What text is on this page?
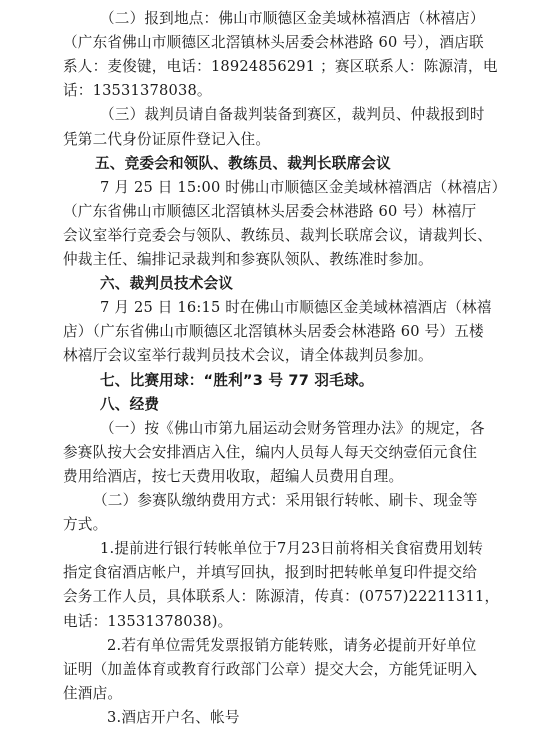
（二）报到地点：佛山市顺德区金美域林禧酒店（林禧店）
（广东省佛山市顺德区北滘镇林头居委会林港路 60 号），酒店联
系人：麦俊键，电话：18924856291 ；赛区联系人：陈源清，电
话：13531378038。
（三）裁判员请自备裁判装备到赛区，裁判员、仲裁报到时
凭第二代身份证原件登记入住。
五、竞委会和领队、教练员、裁判长联席会议
7 月 25 日 15:00 时佛山市顺德区金美域林禧酒店（林禧店）
（广东省佛山市顺德区北滘镇林头居委会林港路 60 号）林禧厅
会议室举行竞委会与领队、教练员、裁判长联席会议，请裁判长、
仲裁主任、编排记录裁判和参赛队领队、教练准时参加。
六、裁判员技术会议
7 月 25 日 16:15 时在佛山市顺德区金美域林禧酒店（林禧
店）（广东省佛山市顺德区北滘镇林头居委会林港路 60 号）五楼
林禧厅会议室举行裁判员技术会议，请全体裁判员参加。
七、比赛用球：“胜利”3 号 77 羽毛球。
八、经费
（一）按《佛山市第九届运动会财务管理办法》的规定，各
参赛队按大会安排酒店入住，编内人员每人每天交纳壹佰元食住
费用给酒店，按七天费用收取，超编人员费用自理。
（二）参赛队缴纳费用方式：采用银行转帐、刷卡、现金等
方式。
1.提前进行银行转帐单位于7月23日前将相关食宿费用划转
指定食宿酒店帐户，并填写回执，报到时把转帐单复印件提交给
会务工作人员，具体联系人：陈源清，传真：(0757)22211311，
电话：13531378038)。
2.若有单位需凭发票报销方能转账，请务必提前开好单位
证明（加盖体育或教育行政部门公章）提交大会，方能凭证明入
住酒店。
3.酒店开户名、帐号
